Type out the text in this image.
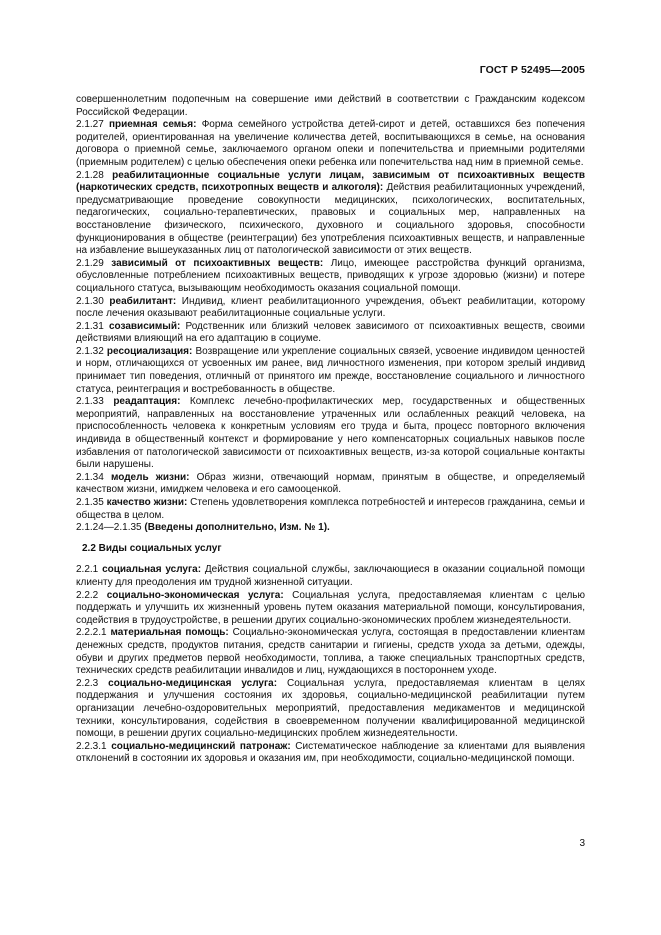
ГОСТ Р 52495—2005

совершеннолетним подопечным на совершение ими действий в соответствии с Гражданским кодексом Российской Федерации.

2.1.27 приемная семья: Форма семейного устройства детей-сирот и детей, оставшихся без попечения родителей, ориентированная на увеличение количества детей, воспитывающихся в семье, на основания договора о приемной семье, заключаемого органом опеки и попечительства и приемными родителями (приемным родителем) с целью обеспечения опеки ребенка или попечительства над ним в приемной семье.

2.1.28 реабилитационные социальные услуги лицам, зависимым от психоактивных веществ (наркотических средств, психотропных веществ и алкоголя): Действия реабилитационных учреждений, предусматривающие проведение совокупности медицинских, психологических, воспитательных, педагогических, социально-терапевтических, правовых и социальных мер, направленных на восстановление физического, психического, духовного и социального здоровья, способности функционирования в обществе (реинтеграции) без употребления психоактивных веществ, и направленные на избавление вышеуказанных лиц от патологической зависимости от этих веществ.

2.1.29 зависимый от психоактивных веществ: Лицо, имеющее расстройства функций организма, обусловленные потреблением психоактивных веществ, приводящих к угрозе здоровью (жизни) и потере социального статуса, вызывающим необходимость оказания социальной помощи.

2.1.30 реабилитант: Индивид, клиент реабилитационного учреждения, объект реабилитации, которому после лечения оказывают реабилитационные социальные услуги.

2.1.31 созависимый: Родственник или близкий человек зависимого от психоактивных веществ, своими действиями влияющий на его адаптацию в социуме.

2.1.32 ресоциализация: Возвращение или укрепление социальных связей, усвоение индивидом ценностей и норм, отличающихся от усвоенных им ранее, вид личностного изменения, при котором зрелый индивид принимает тип поведения, отличный от принятого им прежде, восстановление социального и личностного статуса, реинтеграция и востребованность в обществе.

2.1.33 реадаптация: Комплекс лечебно-профилактических мер, государственных и общественных мероприятий, направленных на восстановление утраченных или ослабленных реакций человека, на приспособленность человека к конкретным условиям его труда и быта, процесс повторного включения индивида в общественный контекст и формирование у него компенсаторных социальных навыков после избавления от патологической зависимости от психоактивных веществ, из-за которой социальные контакты были нарушены.

2.1.34 модель жизни: Образ жизни, отвечающий нормам, принятым в обществе, и определяемый качеством жизни, имиджем человека и его самооценкой.

2.1.35 качество жизни: Степень удовлетворения комплекса потребностей и интересов гражданина, семьи и общества в целом.

2.1.24—2.1.35 (Введены дополнительно, Изм. № 1).

2.2 Виды социальных услуг

2.2.1 социальная услуга: Действия социальной службы, заключающиеся в оказании социальной помощи клиенту для преодоления им трудной жизненной ситуации.

2.2.2 социально-экономическая услуга: Социальная услуга, предоставляемая клиентам с целью поддержать и улучшить их жизненный уровень путем оказания материальной помощи, консультирования, содействия в трудоустройстве, в решении других социально-экономических проблем жизнедеятельности.

2.2.2.1 материальная помощь: Социально-экономическая услуга, состоящая в предоставлении клиентам денежных средств, продуктов питания, средств санитарии и гигиены, средств ухода за детьми, одежды, обуви и других предметов первой необходимости, топлива, а также специальных транспортных средств, технических средств реабилитации инвалидов и лиц, нуждающихся в постороннем уходе.

2.2.3 социально-медицинская услуга: Социальная услуга, предоставляемая клиентам в целях поддержания и улучшения состояния их здоровья, социально-медицинской реабилитации путем организации лечебно-оздоровительных мероприятий, предоставления медикаментов и медицинской техники, консультирования, содействия в своевременном получении квалифицированной медицинской помощи, в решении других социально-медицинских проблем жизнедеятельности.

2.2.3.1 социально-медицинский патронаж: Систематическое наблюдение за клиентами для выявления отклонений в состоянии их здоровья и оказания им, при необходимости, социально-медицинской помощи.

3
